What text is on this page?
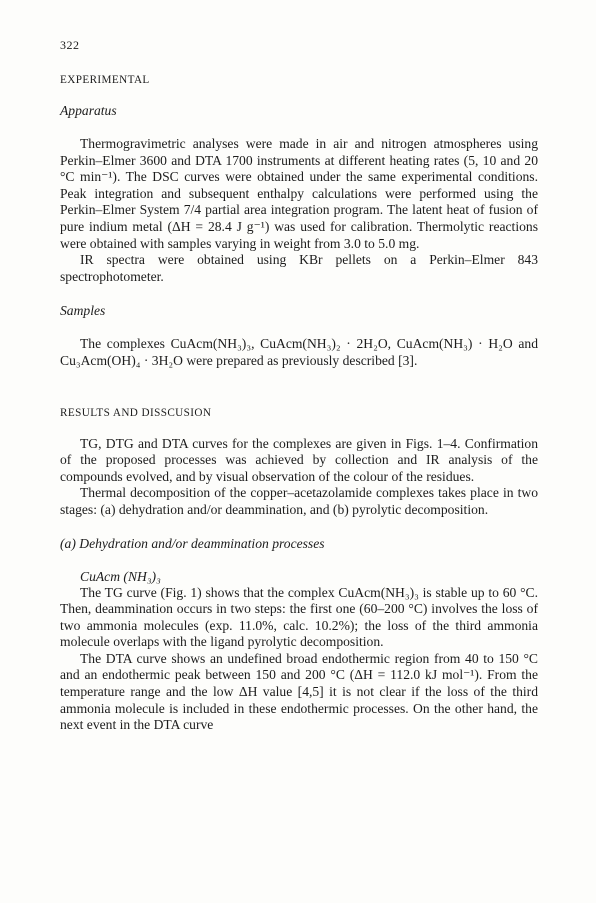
322
EXPERIMENTAL
Apparatus

Thermogravimetric analyses were made in air and nitrogen atmospheres using Perkin–Elmer 3600 and DTA 1700 instruments at different heating rates (5, 10 and 20 °C min⁻¹). The DSC curves were obtained under the same experimental conditions. Peak integration and subsequent enthalpy calculations were performed using the Perkin–Elmer System 7/4 partial area integration program. The latent heat of fusion of pure indium metal (ΔH = 28.4 J g⁻¹) was used for calibration. Thermolytic reactions were obtained with samples varying in weight from 3.0 to 5.0 mg.

IR spectra were obtained using KBr pellets on a Perkin–Elmer 843 spectrophotometer.

Samples

The complexes CuAcm(NH₃)₃, CuAcm(NH₃)₂ · 2H₂O, CuAcm(NH₃) · H₂O and Cu₃Acm(OH)₄ · 3H₂O were prepared as previously described [3].

RESULTS AND DISSCUSION

TG, DTG and DTA curves for the complexes are given in Figs. 1–4. Confirmation of the proposed processes was achieved by collection and IR analysis of the compounds evolved, and by visual observation of the colour of the residues.

Thermal decomposition of the copper–acetazolamide complexes takes place in two stages: (a) dehydration and/or deammination, and (b) pyrolytic decomposition.

(a) Dehydration and/or deammination processes
CuAcm (NH₃)₃

The TG curve (Fig. 1) shows that the complex CuAcm(NH₃)₃ is stable up to 60 °C. Then, deammination occurs in two steps: the first one (60–200 °C) involves the loss of two ammonia molecules (exp. 11.0%, calc. 10.2%); the loss of the third ammonia molecule overlaps with the ligand pyrolytic decomposition.

The DTA curve shows an undefined broad endothermic region from 40 to 150 °C and an endothermic peak between 150 and 200 °C (ΔH = 112.0 kJ mol⁻¹). From the temperature range and the low ΔH value [4,5] it is not clear if the loss of the third ammonia molecule is included in these endothermic processes. On the other hand, the next event in the DTA curve
